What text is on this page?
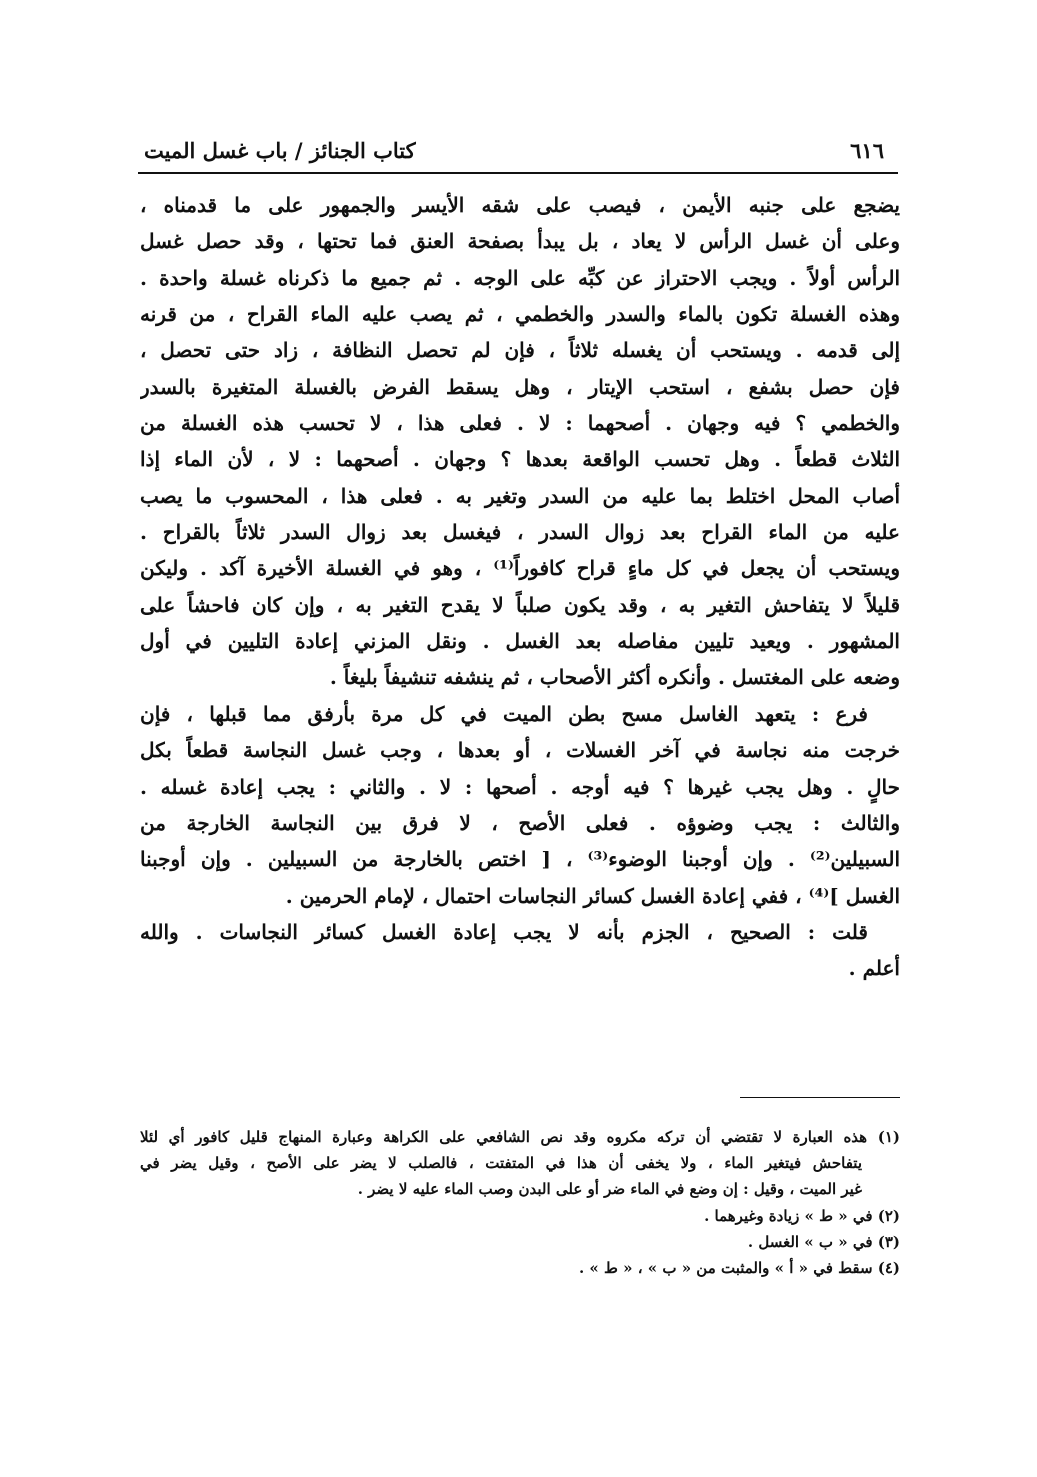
٦١٦
كتاب الجنائز / باب غسل الميت
يضجع على جنبه الأيمن ، فيصب على شقه الأيسر والجمهور على ما قدمناه ،
وعلى أن غسل الرأس لا يعاد ، بل يبدأ بصفحة العنق فما تحتها ، وقد حصل غسل
الرأس أولاً . ويجب الاحتراز عن كبِّه على الوجه . ثم جميع ما ذكرناه غسلة واحدة .
وهذه الغسلة تكون بالماء والسدر والخطمي ، ثم يصب عليه الماء القراح ، من قرنه
إلى قدمه . ويستحب أن يغسله ثلاثاً ، فإن لم تحصل النظافة ، زاد حتى تحصل ،
فإن حصل بشفع ، استحب الإيتار ، وهل يسقط الفرض بالغسلة المتغيرة بالسدر
والخطمي ؟ فيه وجهان . أصحهما : لا . فعلى هذا ، لا تحسب هذه الغسلة من
الثلاث قطعاً . وهل تحسب الواقعة بعدها ؟ وجهان . أصحهما : لا ، لأن الماء إذا
أصاب المحل اختلط بما عليه من السدر وتغير به . فعلى هذا ، المحسوب ما يصب
عليه من الماء القراح بعد زوال السدر ، فيغسل بعد زوال السدر ثلاثاً بالقراح .
ويستحب أن يجعل في كل ماءٍ قراح كافوراً⁽¹⁾ ، وهو في الغسلة الأخيرة آكد . وليكن
قليلاً لا يتفاحش التغير به ، وقد يكون صلباً لا يقدح التغير به ، وإن كان فاحشاً على
المشهور . ويعيد تليين مفاصله بعد الغسل . ونقل المزني إعادة التليين في أول
وضعه على المغتسل . وأنكره أكثر الأصحاب ، ثم ينشفه تنشيفاً بليغاً .
فرع : يتعهد الغاسل مسح بطن الميت في كل مرة بأرفق مما قبلها ، فإن
خرجت منه نجاسة في آخر الغسلات ، أو بعدها ، وجب غسل النجاسة قطعاً بكل
حالٍ . وهل يجب غيرها ؟ فيه أوجه . أصحها : لا . والثاني : يجب إعادة غسله .
والثالث : يجب وضوؤه . فعلى الأصح ، لا فرق بين النجاسة الخارجة من
السبيلين⁽²⁾ . وإن أوجبنا الوضوء⁽³⁾ ، [ اختص بالخارجة من السبيلين . وإن أوجبنا
الغسل ]⁽⁴⁾ ، ففي إعادة الغسل كسائر النجاسات احتمال ، لإمام الحرمين .
قلت : الصحيح ، الجزم بأنه لا يجب إعادة الغسل كسائر النجاسات . والله
أعلم .
(١) هذه العبارة لا تقتضي أن تركه مكروه وقد نص الشافعي على الكراهة وعبارة المنهاج قليل كافور أي لئلا
يتفاحش فيتغير الماء ، ولا يخفى أن هذا في المتفتت ، فالصلب لا يضر على الأصح ، وقيل يضر في
غير الميت ، وقيل : إن وضع في الماء ضر أو على البدن وصب الماء عليه لا يضر .
(٢) في « ط » زيادة وغيرهما .
(٣) في « ب » الغسل .
(٤) سقط في « أ » والمثبت من « ب » ، « ط » .
